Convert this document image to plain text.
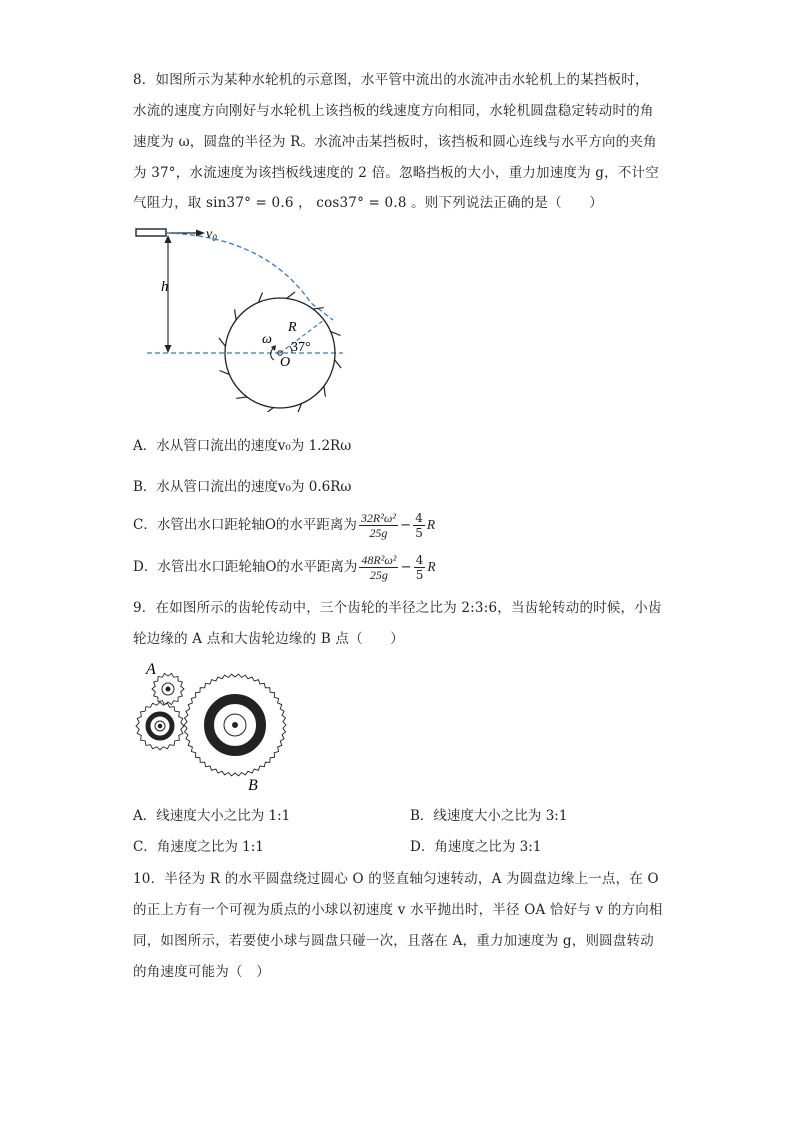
8．如图所示为某种水轮机的示意图，水平管中流出的水流冲击水轮机上的某挡板时，
水流的速度方向刚好与水轮机上该挡板的线速度方向相同，水轮机圆盘稳定转动时的角
速度为 ω，圆盘的半径为 R。水流冲击某挡板时，该挡板和圆心连线与水平方向的夹角
为 37°，水流速度为该挡板线速度的 2 倍。忽略挡板的大小，重力加速度为 g，不计空
气阻力，取 sin37° = 0.6 ， cos37° = 0.8 。则下列说法正确的是（　　）
$v_0$
h
O
R
37°
ω
A．水从管口流出的速度v₀为 1.2Rω
B．水从管口流出的速度v₀为 0.6Rω
C．水管出水口距轮轴O的水平距离为 $\frac{\text{32R²ω²}}{25g} - \frac{4}{5}$ R
D．水管出水口距轮轴O的水平距离为 $\frac{\text{48R²ω²}}{25g} - \frac{4}{5}$ R
9．在如图所示的齿轮传动中，三个齿轮的半径之比为 2:3:6，当齿轮转动的时候，小齿
轮边缘的 A 点和大齿轮边缘的 B 点（　　）
A
B
A．线速度大小之比为 1:1	B．线速度大小之比为 3:1
C．角速度之比为 1:1	D．角速度之比为 3:1
10．半径为 R 的水平圆盘绕过圆心 O 的竖直轴匀速转动，A 为圆盘边缘上一点，在 O
的正上方有一个可视为质点的小球以初速度 v 水平抛出时，半径 OA 恰好与 v 的方向相
同，如图所示，若要使小球与圆盘只碰一次，且落在 A，重力加速度为 g，则圆盘转动
的角速度可能为（　）
